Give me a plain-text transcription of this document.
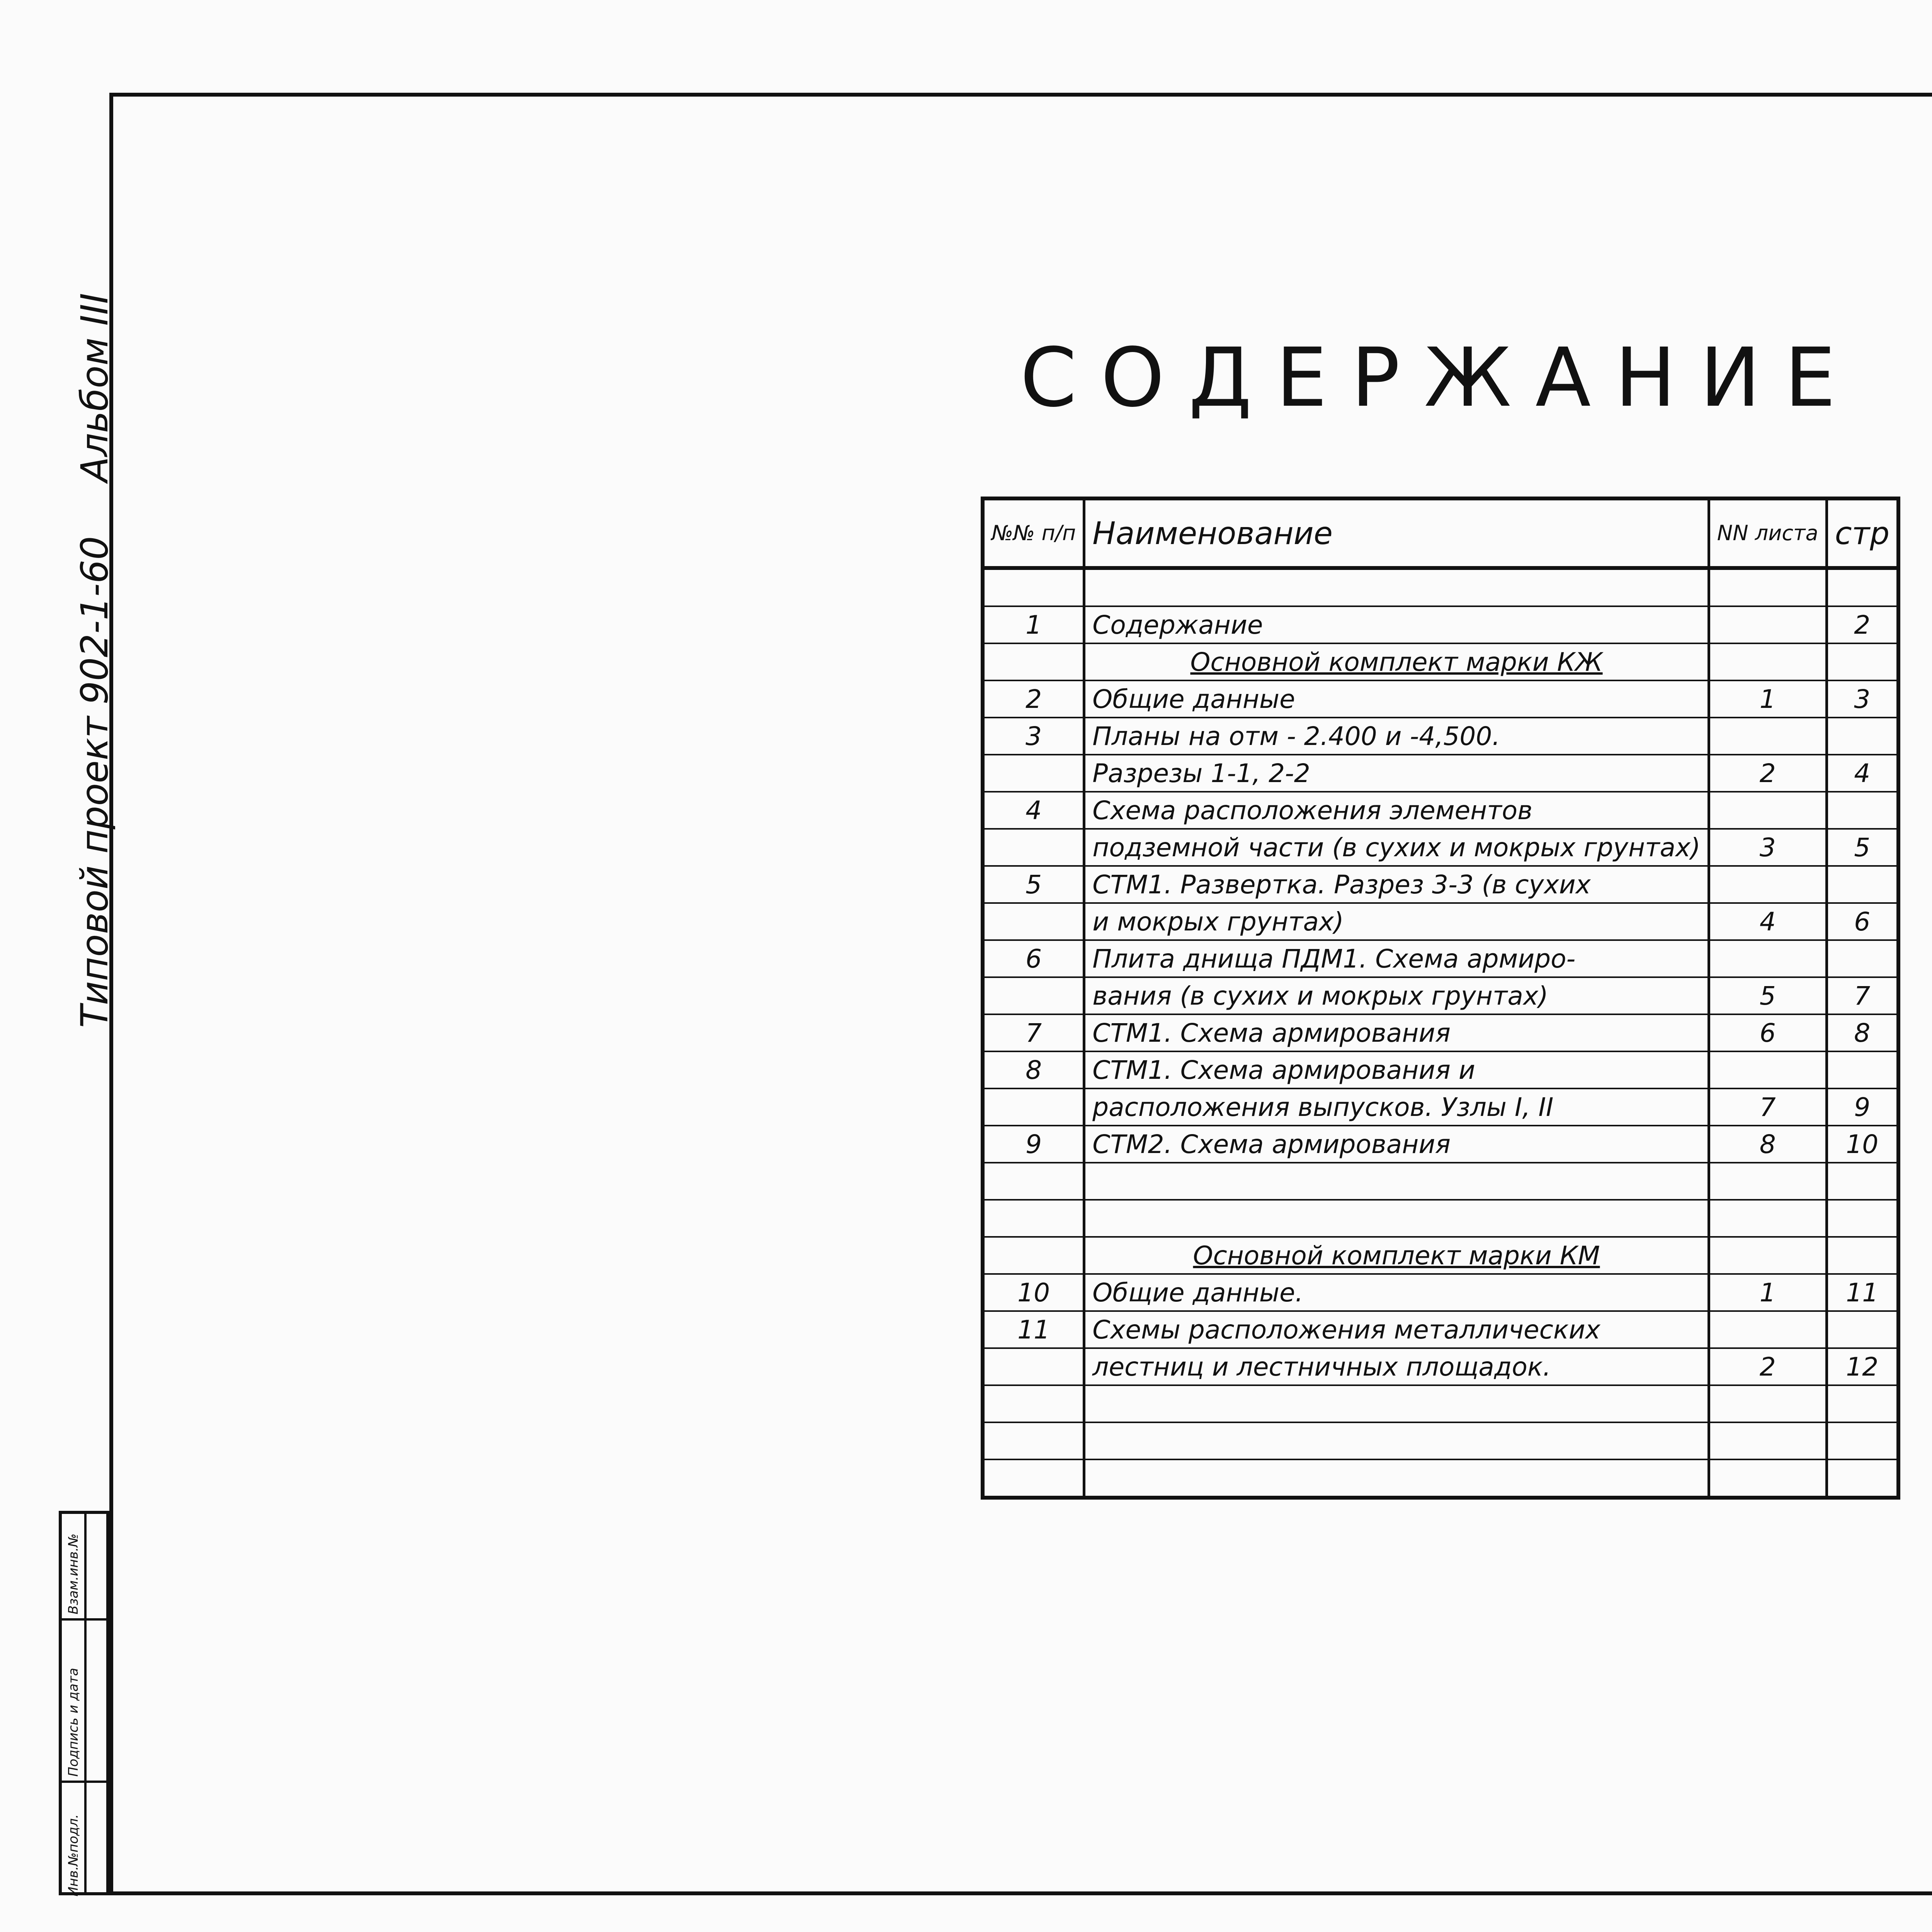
Типовой проект 902-1-60
Альбом III
Инв.№подл.
Подпись и дата
Взам.инв.№
СОДЕРЖАНИЕ
№№ п/п	Наименование	NN листа	стр

1	Содержание		2
	Основной комплект марки КЖ		
2	Общие данные	1	3
3	Планы на отм - 2.400 и -4,500.		
	Разрезы 1-1, 2-2	2	4
4	Схема расположения элементов		
	подземной части (в сухих и мокрых грунтах)	3	5
5	СТМ1. Развертка. Разрез 3-3 (в сухих		
	и мокрых грунтах)	4	6
6	Плита днища ПДМ1. Схема армиро-		
	вания (в сухих и мокрых грунтах)	5	7
7	СТМ1. Схема армирования	6	8
8	СТМ1. Схема армирования и		
	расположения выпусков. Узлы I, II	7	9
9	СТМ2. Схема армирования	8	10

	Основной комплект марки КМ		
10	Общие данные.	1	11
11	Схемы расположения металлических		
	лестниц и лестничных площадок.	2	12
